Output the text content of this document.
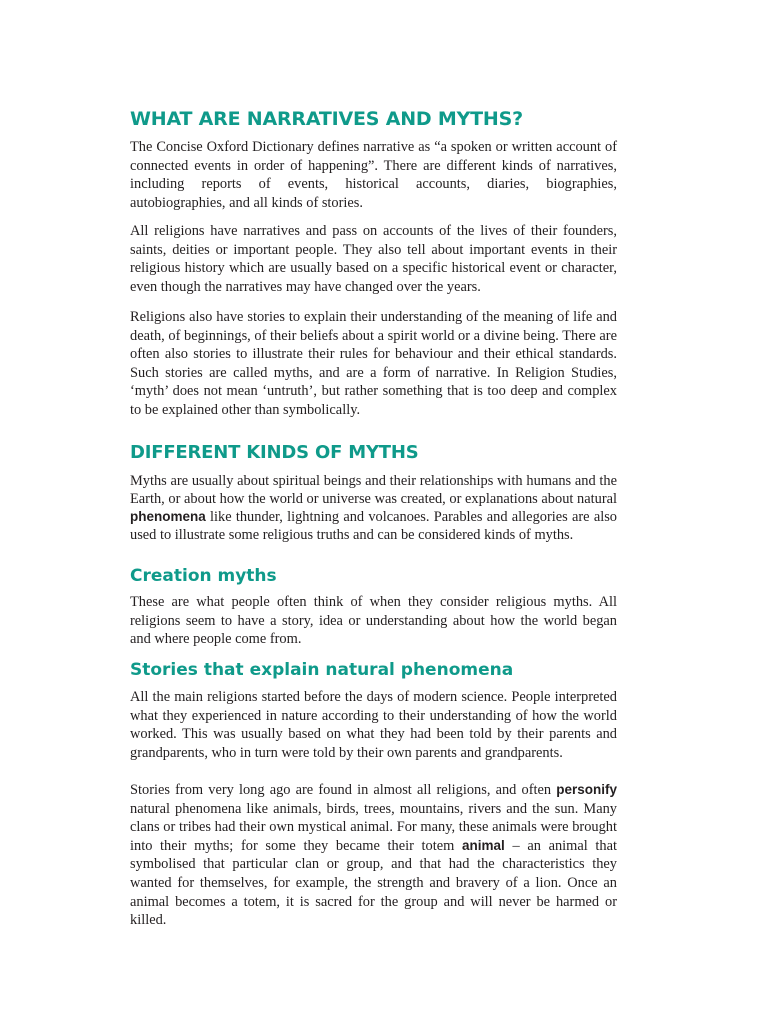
WHAT ARE NARRATIVES AND MYTHS?

The Concise Oxford Dictionary defines narrative as “a spoken or written account of connected events in order of happening”. There are different kinds of narratives, including reports of events, historical accounts, diaries, biographies, autobiographies, and all kinds of stories.

All religions have narratives and pass on accounts of the lives of their founders, saints, deities or important people. They also tell about important events in their religious history which are usually based on a specific historical event or character, even though the narratives may have changed over the years.

Religions also have stories to explain their understanding of the meaning of life and death, of beginnings, of their beliefs about a spirit world or a divine being. There are often also stories to illustrate their rules for behaviour and their ethical standards. Such stories are called myths, and are a form of narrative. In Religion Studies, ‘myth’ does not mean ‘untruth’, but rather something that is too deep and complex to be explained other than symbolically.

DIFFERENT KINDS OF MYTHS

Myths are usually about spiritual beings and their relationships with humans and the Earth, or about how the world or universe was created, or explanations about natural phenomena like thunder, lightning and volcanoes. Parables and allegories are also used to illustrate some religious truths and can be considered kinds of myths.

Creation myths

These are what people often think of when they consider religious myths. All religions seem to have a story, idea or understanding about how the world began and where people come from.

Stories that explain natural phenomena

All the main religions started before the days of modern science. People interpreted what they experienced in nature according to their understanding of how the world worked. This was usually based on what they had been told by their parents and grandparents, who in turn were told by their own parents and grandparents.

Stories from very long ago are found in almost all religions, and often personify natural phenomena like animals, birds, trees, mountains, rivers and the sun. Many clans or tribes had their own mystical animal. For many, these animals were brought into their myths; for some they became their totem animal – an animal that symbolised that particular clan or group, and that had the characteristics they wanted for themselves, for example, the strength and bravery of a lion. Once an animal becomes a totem, it is sacred for the group and will never be harmed or killed.
